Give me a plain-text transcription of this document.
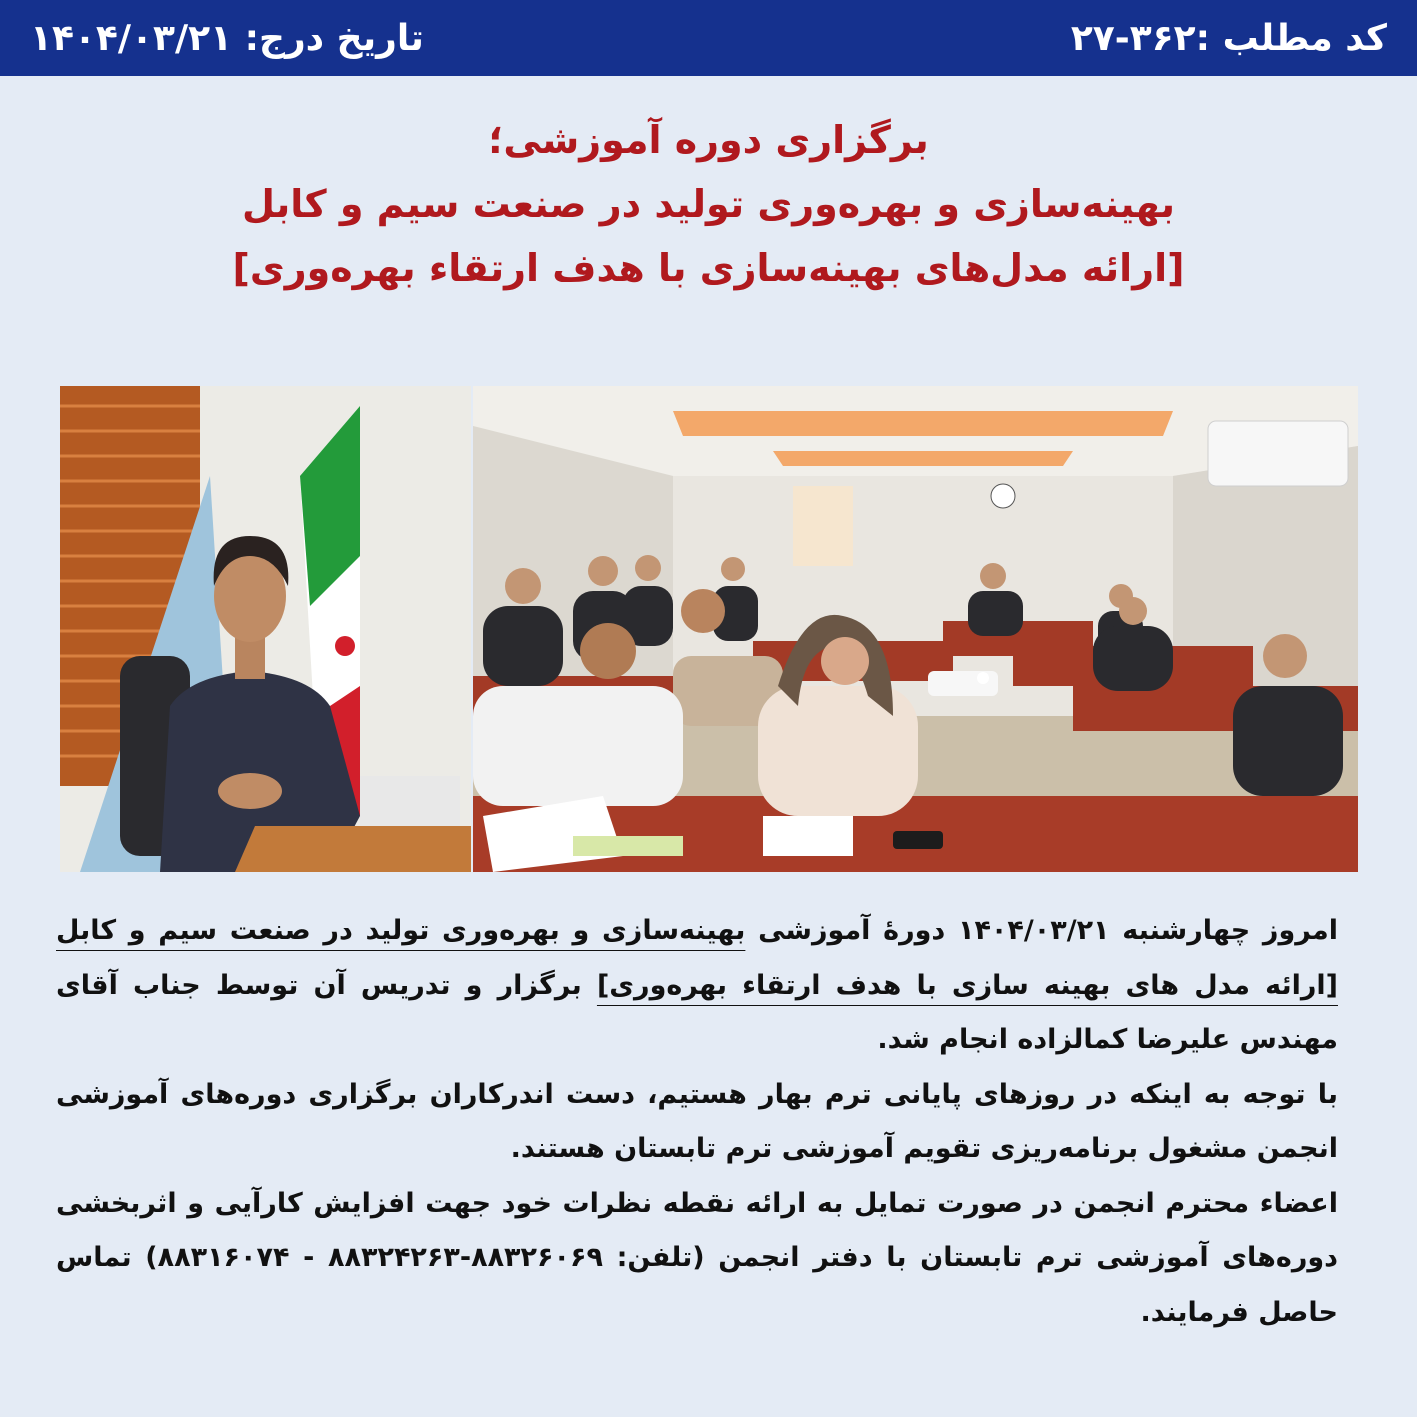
تاریخ درج: ۱۴۰۴/۰۳/۲۱	کد مطلب :۳۶۲-۲۷
برگزاری دوره آموزشی؛
بهینه‌سازی و بهره‌وری تولید در صنعت سیم و کابل
[ارائه مدل‌های بهینه‌سازی با هدف ارتقاء بهره‌وری]

امروز چهارشنبه ۱۴۰۴/۰۳/۲۱ دورهٔ آموزشی بهینه‌سازی و بهره‌وری تولید در صنعت سیم و کابل [ارائه مدل های بهینه سازی با هدف ارتقاء بهره‌وری] برگزار و تدریس آن توسط جناب آقای مهندس علیرضا کمالزاده انجام شد.

با توجه به اینکه در روزهای پایانی ترم بهار هستیم، دست اندرکاران برگزاری دوره‌های آموزشی انجمن مشغول برنامه‌ریزی تقویم آموزشی ترم تابستان هستند.

اعضاء محترم انجمن در صورت تمایل به ارائه نقطه نظرات خود جهت افزایش کارآیی و اثربخشی دوره‌های آموزشی ترم تابستان با دفتر انجمن (تلفن: ۸۸۳۲۶۰۶۹-۸۸۳۲۴۲۶۳ - ۸۸۳۱۶۰۷۴) تماس حاصل فرمایند.
